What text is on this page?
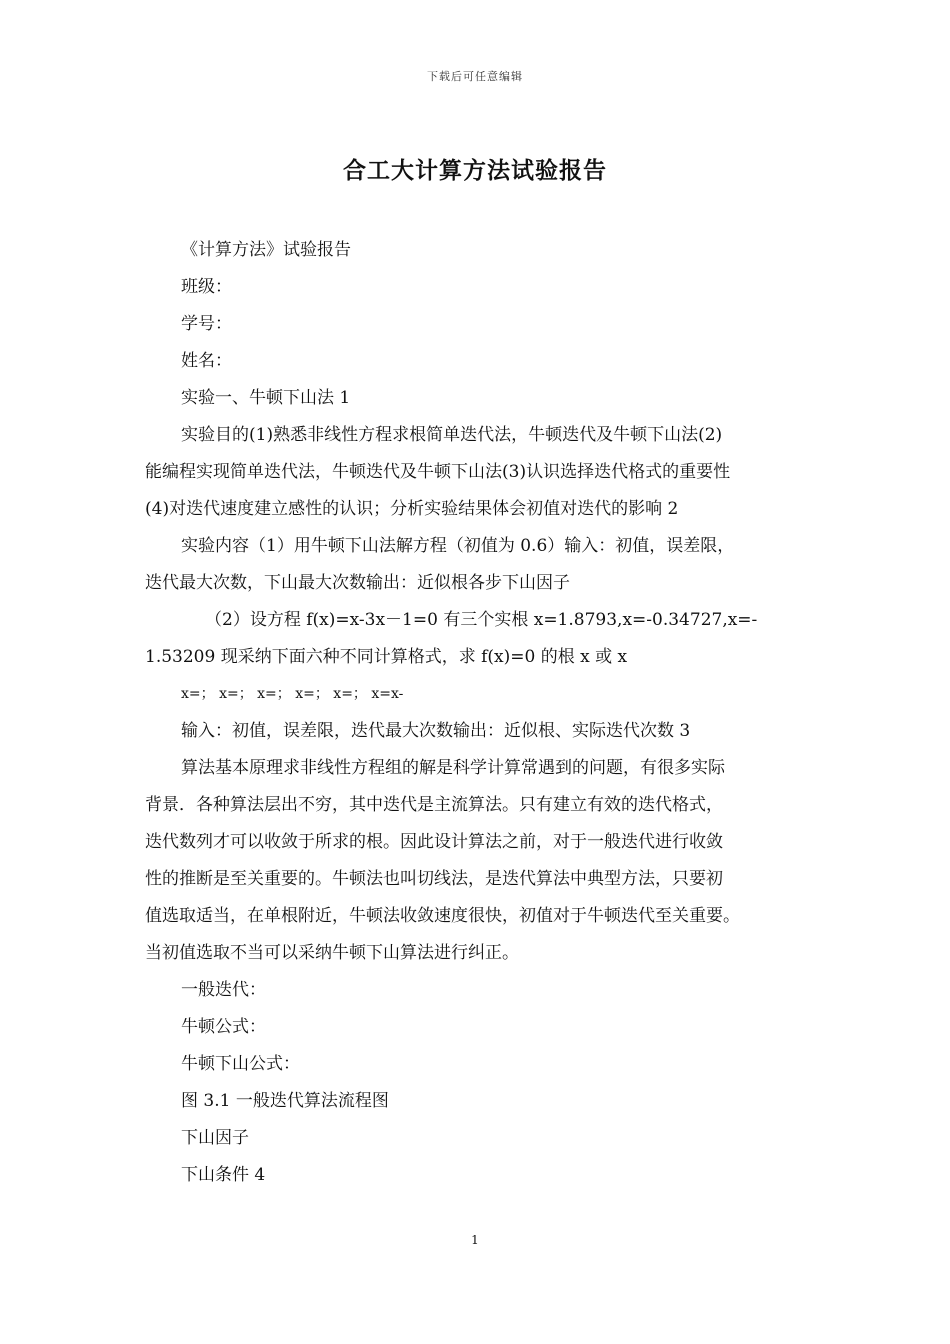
下载后可任意编辑
合工大计算方法试验报告
《计算方法》试验报告
班级：
学号：
姓名：
实验一、牛顿下山法 1
实验目的(1)熟悉非线性方程求根简单迭代法，牛顿迭代及牛顿下山法(2)
能编程实现简单迭代法，牛顿迭代及牛顿下山法(3)认识选择迭代格式的重要性
(4)对迭代速度建立感性的认识；分析实验结果体会初值对迭代的影响 2
实验内容（1）用牛顿下山法解方程（初值为 0.6）输入：初值，误差限，
迭代最大次数，下山最大次数输出：近似根各步下山因子
（2）设方程 f(x)=x-3x－1=0 有三个实根 x=1.8793,x=-0.34727,x=-
1.53209 现采纳下面六种不同计算格式，求 f(x)=0 的根 x 或 x
x=； x=； x=； x=； x=； x=x-
输入：初值，误差限，迭代最大次数输出：近似根、实际迭代次数 3
算法基本原理求非线性方程组的解是科学计算常遇到的问题，有很多实际
背景．各种算法层出不穷，其中迭代是主流算法。只有建立有效的迭代格式，
迭代数列才可以收敛于所求的根。因此设计算法之前，对于一般迭代进行收敛
性的推断是至关重要的。牛顿法也叫切线法，是迭代算法中典型方法，只要初
值选取适当，在单根附近，牛顿法收敛速度很快，初值对于牛顿迭代至关重要。
当初值选取不当可以采纳牛顿下山算法进行纠正。
一般迭代：
牛顿公式：
牛顿下山公式：
图 3.1 一般迭代算法流程图
下山因子
下山条件 4
1
